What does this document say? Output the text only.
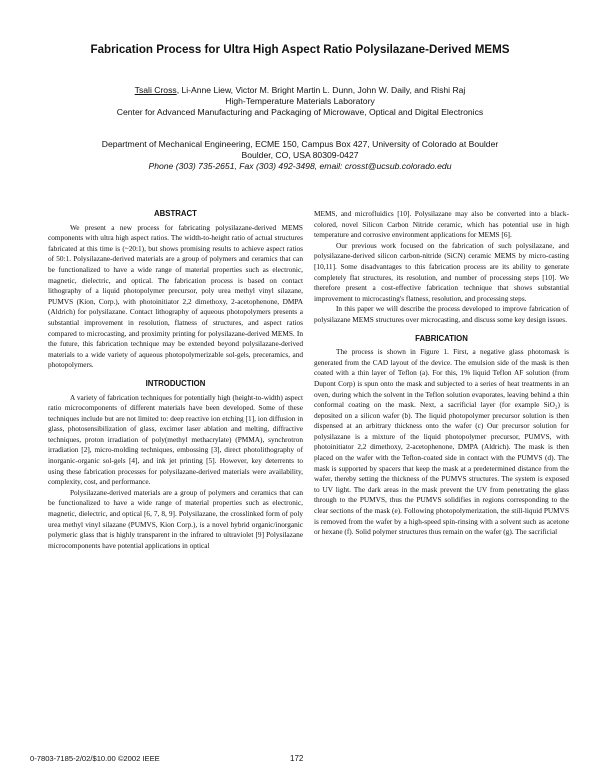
Fabrication Process for Ultra High Aspect Ratio Polysilazane-Derived MEMS
Tsali Cross, Li-Anne Liew, Victor M. Bright Martin L. Dunn, John W. Daily, and Rishi Raj
High-Temperature Materials Laboratory
Center for Advanced Manufacturing and Packaging of Microwave, Optical and Digital Electronics
Department of Mechanical Engineering, ECME 150, Campus Box 427, University of Colorado at Boulder
Boulder, CO, USA 80309-0427
Phone (303) 735-2651, Fax (303) 492-3498, email: crosst@ucsub.colorado.edu
ABSTRACT

We present a new process for fabricating polysilazane-derived MEMS components with ultra high aspect ratios. The width-to-height ratio of actual structures fabricated at this time is (~20:1), but shows promising results to achieve aspect ratios of 50:1. Polysilazane-derived materials are a group of polymers and ceramics that can be functionalized to have a wide range of material properties such as electronic, magnetic, dielectric, and optical. The fabrication process is based on contact lithography of a liquid photopolymer precursor, poly urea methyl vinyl silazane, PUMVS (Kion, Corp.), with photoinitiator 2,2 dimethoxy, 2-acetophenone, DMPA (Aldrich) for polysilazane. Contact lithography of aqueous photopolymers presents a substantial improvement in resolution, flatness of structures, and aspect ratios compared to microcasting, and proximity printing for polysilazane-derived MEMS. In the future, this fabrication technique may be extended beyond polysilazane-derived materials to a wide variety of aqueous photopolymerizable sol-gels, preceramics, and photopolymers.

INTRODUCTION

A variety of fabrication techniques for potentially high (height-to-width) aspect ratio microcomponents of different materials have been developed. Some of these techniques include but are not limited to: deep reactive ion etching [1], ion diffusion in glass, photosensibilization of glass, excimer laser ablation and melting, diffractive techniques, proton irradiation of poly(methyl methacrylate) (PMMA), synchrotron irradiation [2], micro-molding techniques, embossing [3], direct photolithography of inorganic-organic sol-gels [4], and ink jet printing [5]. However, key deterrents to using these fabrication processes for polysilazane-derived materials were availability, complexity, cost, and performance.

Polysilazane-derived materials are a group of polymers and ceramics that can be functionalized to have a wide range of material properties such as electronic, magnetic, dielectric, and optical [6, 7, 8, 9]. Polysilazane, the crosslinked form of poly urea methyl vinyl silazane (PUMVS, Kion Corp.), is a novel hybrid organic/inorganic polymeric glass that is highly transparent in the infrared to ultraviolet [9] Polysilazane microcomponents have potential applications in optical

MEMS, and microfluidics [10]. Polysilazane may also be converted into a black-colored, novel Silicon Carbon Nitride ceramic, which has potential use in high temperature and corrosive environment applications for MEMS [6].

Our previous work focused on the fabrication of such polysilazane, and polysilazane-derived silicon carbon-nitride (SiCN) ceramic MEMS by micro-casting [10,11]. Some disadvantages to this fabrication process are its ability to generate completely flat structures, its resolution, and number of processing steps [10]. We therefore present a cost-effective fabrication technique that shows substantial improvement to microcasting's flatness, resolution, and processing steps.

In this paper we will describe the process developed to improve fabrication of polysilazane MEMS structures over microcasting, and discuss some key design issues.

FABRICATION

The process is shown in Figure 1. First, a negative glass photomask is generated from the CAD layout of the device. The emulsion side of the mask is then coated with a thin layer of Teflon (a). For this, 1% liquid Teflon AF solution (from Dupont Corp) is spun onto the mask and subjected to a series of heat treatments in an oven, during which the solvent in the Teflon solution evaporates, leaving behind a thin conformal coating on the mask. Next, a sacrificial layer (for example SiO₂) is deposited on a silicon wafer (b). The liquid photopolymer precursor solution is then dispensed at an arbitrary thickness onto the wafer (c) Our precursor solution for polysilazane is a mixture of the liquid photopolymer precursor, PUMVS, with photoinitiator 2,2 dimethoxy, 2-acetophenone, DMPA (Aldrich). The mask is then placed on the wafer with the Teflon-coated side in contact with the PUMVS (d). The mask is supported by spacers that keep the mask at a predetermined distance from the wafer, thereby setting the thickness of the PUMVS structures. The system is exposed to UV light. The dark areas in the mask prevent the UV from penetrating the glass through to the PUMVS, thus the PUMVS solidifies in regions corresponding to the clear sections of the mask (e). Following photopolymerization, the still-liquid PUMVS is removed from the wafer by a high-speed spin-rinsing with a solvent such as acetone or hexane (f). Solid polymer structures thus remain on the wafer (g). The sacrificial

0-7803-7185-2/02/$10.00 ©2002 IEEE	172
